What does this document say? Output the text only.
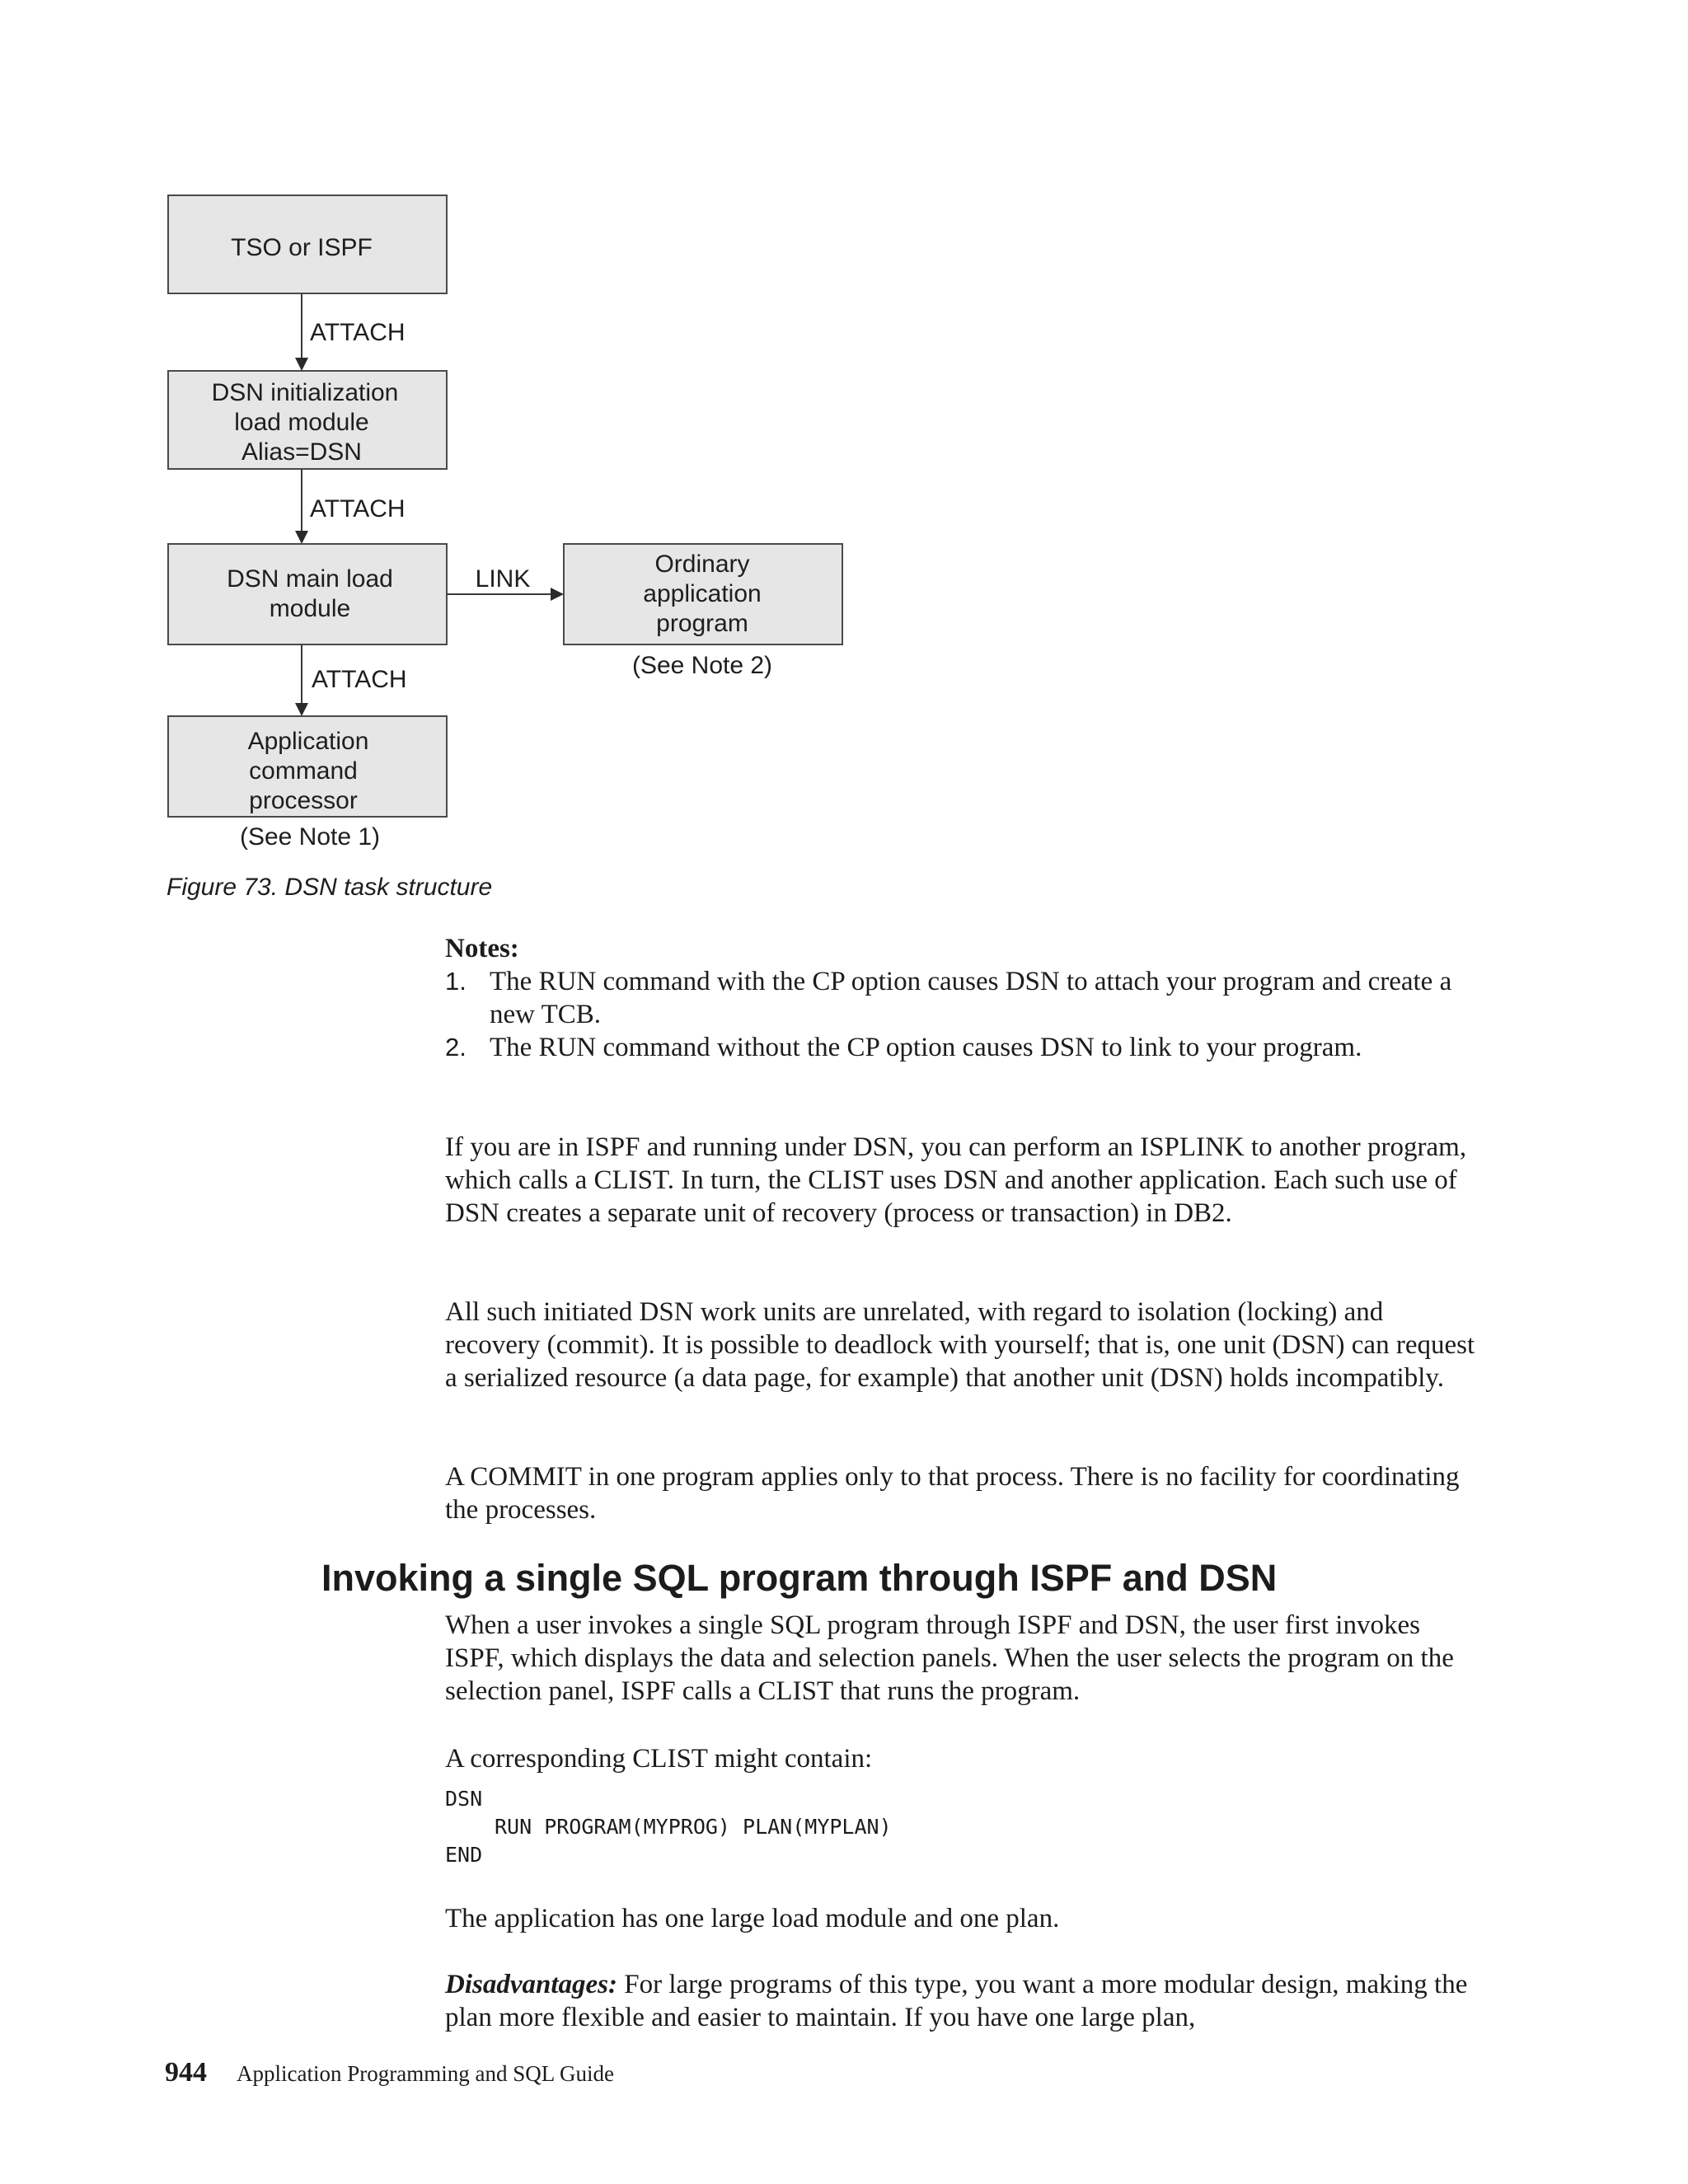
TSO or ISPF
ATTACH
DSN initialization
load module
Alias=DSN
ATTACH
DSN main load
module
LINK
Ordinary
application
program
(See Note 2)
ATTACH
Application
command
processor
(See Note 1)

Figure 73. DSN task structure

Notes:
1. The RUN command with the CP option causes DSN to attach your program and create a new TCB.
2. The RUN command without the CP option causes DSN to link to your program.

If you are in ISPF and running under DSN, you can perform an ISPLINK to another program, which calls a CLIST. In turn, the CLIST uses DSN and another application. Each such use of DSN creates a separate unit of recovery (process or transaction) in DB2.

All such initiated DSN work units are unrelated, with regard to isolation (locking) and recovery (commit). It is possible to deadlock with yourself; that is, one unit (DSN) can request a serialized resource (a data page, for example) that another unit (DSN) holds incompatibly.

A COMMIT in one program applies only to that process. There is no facility for coordinating the processes.

Invoking a single SQL program through ISPF and DSN

When a user invokes a single SQL program through ISPF and DSN, the user first invokes ISPF, which displays the data and selection panels. When the user selects the program on the selection panel, ISPF calls a CLIST that runs the program.

A corresponding CLIST might contain:

DSN
RUN PROGRAM(MYPROG) PLAN(MYPLAN)
END

The application has one large load module and one plan.

Disadvantages: For large programs of this type, you want a more modular design, making the plan more flexible and easier to maintain. If you have one large plan,

944 Application Programming and SQL Guide
